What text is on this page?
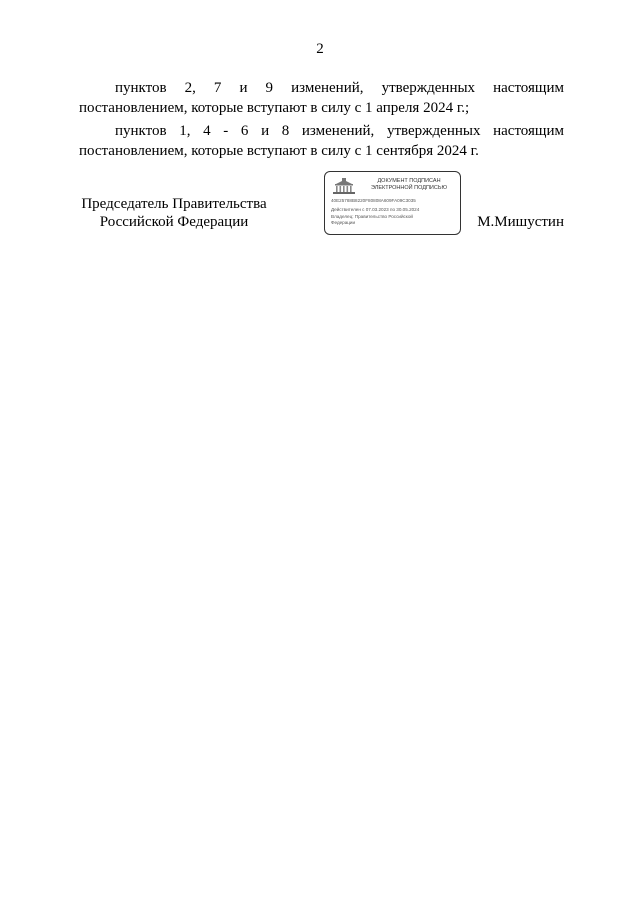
2

пунктов 2, 7 и 9 изменений, утвержденных настоящим
постановлением, которые вступают в силу с 1 апреля 2024 г.;

пунктов 1, 4 - 6 и 8 изменений, утвержденных настоящим
постановлением, которые вступают в силу с 1 сентября 2024 г.

Председатель Правительства
Российской Федерации
ДОКУМЕНТ ПОДПИСАН
ЭЛЕКТРОННОЙ ПОДПИСЬЮ
40E25788B8220F80808A609FA09C3035
Действителен с 07.03.2023 по 30.05.2024
Владелец: Правительство Российской
Федерации	М.Мишустин
